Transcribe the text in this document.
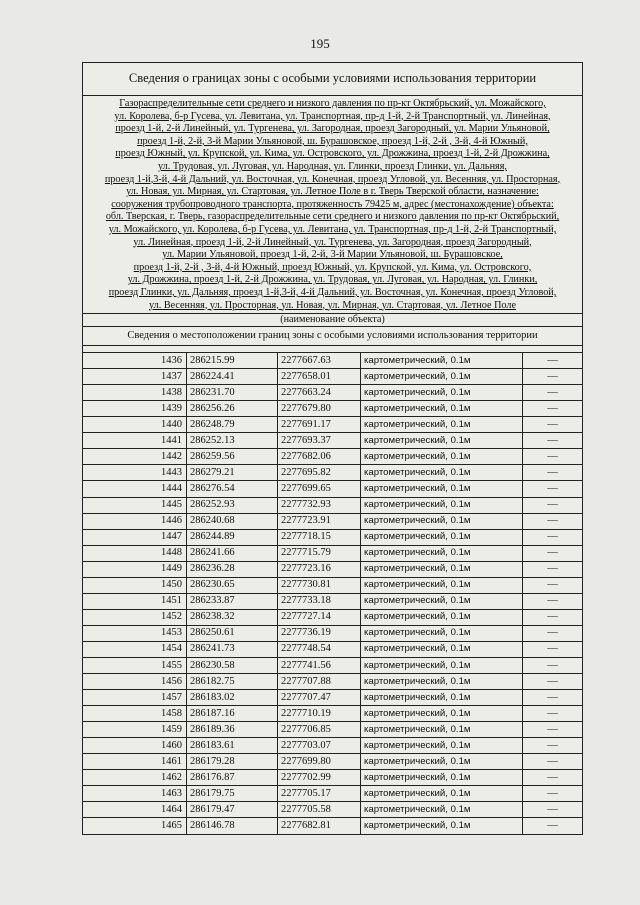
195
Сведения о границах зоны с особыми условиями использования территории
Газораспределительные сети среднего и низкого давления по пр-кт Октябрьский, ул. Можайского,
ул. Королева, б-р Гусева, ул. Левитана, ул. Транспортная, пр-д 1-й, 2-й Транспортный, ул. Линейная,
проезд 1-й, 2-й Линейный, ул. Тургенева, ул. Загородная, проезд Загородный, ул. Марии Ульяновой,
проезд 1-й, 2-й, 3-й Марии Ульяновой, ш. Бурашовское, проезд 1-й, 2-й , 3-й, 4-й Южный,
проезд Южный, ул. Крупской, ул. Кима, ул. Островского, ул. Дрожжина, проезд 1-й, 2-й Дрожжина,
ул. Трудовая, ул. Луговая, ул. Народная, ул. Глинки, проезд Глинки, ул. Дальняя,
проезд 1-й,3-й, 4-й Дальний, ул. Восточная, ул. Конечная, проезд Угловой, ул. Весенняя, ул. Просторная,
ул. Новая, ул. Мирная, ул. Стартовая, ул. Летное Поле в г. Тверь Тверской области, назначение:
сооружения трубопроводного транспорта, протяженность 79425 м, адрес (местонахождение) объекта:
обл. Тверская, г. Тверь, газораспределительные сети среднего и низкого давления по пр-кт Октябрьский,
ул. Можайского, ул. Королева, б-р Гусева, ул. Левитана, ул. Транспортная, пр-д 1-й, 2-й Транспортный,
ул. Линейная, проезд 1-й, 2-й Линейный, ул. Тургенева, ул. Загородная, проезд Загородный,
ул. Марии Ульяновой, проезд 1-й, 2-й, 3-й Марии Ульяновой, ш. Бурашовское,
проезд 1-й, 2-й , 3-й, 4-й Южный, проезд Южный, ул. Крупской, ул. Кима, ул. Островского,
ул. Дрожжина, проезд 1-й, 2-й Дрожжина, ул. Трудовая, ул. Луговая, ул. Народная, ул. Глинки,
проезд Глинки, ул. Дальняя, проезд 1-й,3-й, 4-й Дальний, ул. Восточная, ул. Конечная, проезд Угловой,
ул. Весенняя, ул. Просторная, ул. Новая, ул. Мирная, ул. Стартовая, ул. Летное Поле
(наименование объекта)
Сведения о местоположении границ зоны с особыми условиями использования территории
1436	286215.99	2277667.63	картометрический, 0.1м	—
1437	286224.41	2277658.01	картометрический, 0.1м	—
1438	286231.70	2277663.24	картометрический, 0.1м	—
1439	286256.26	2277679.80	картометрический, 0.1м	—
1440	286248.79	2277691.17	картометрический, 0.1м	—
1441	286252.13	2277693.37	картометрический, 0.1м	—
1442	286259.56	2277682.06	картометрический, 0.1м	—
1443	286279.21	2277695.82	картометрический, 0.1м	—
1444	286276.54	2277699.65	картометрический, 0.1м	—
1445	286252.93	2277732.93	картометрический, 0.1м	—
1446	286240.68	2277723.91	картометрический, 0.1м	—
1447	286244.89	2277718.15	картометрический, 0.1м	—
1448	286241.66	2277715.79	картометрический, 0.1м	—
1449	286236.28	2277723.16	картометрический, 0.1м	—
1450	286230.65	2277730.81	картометрический, 0.1м	—
1451	286233.87	2277733.18	картометрический, 0.1м	—
1452	286238.32	2277727.14	картометрический, 0.1м	—
1453	286250.61	2277736.19	картометрический, 0.1м	—
1454	286241.73	2277748.54	картометрический, 0.1м	—
1455	286230.58	2277741.56	картометрический, 0.1м	—
1456	286182.75	2277707.88	картометрический, 0.1м	—
1457	286183.02	2277707.47	картометрический, 0.1м	—
1458	286187.16	2277710.19	картометрический, 0.1м	—
1459	286189.36	2277706.85	картометрический, 0.1м	—
1460	286183.61	2277703.07	картометрический, 0.1м	—
1461	286179.28	2277699.80	картометрический, 0.1м	—
1462	286176.87	2277702.99	картометрический, 0.1м	—
1463	286179.75	2277705.17	картометрический, 0.1м	—
1464	286179.47	2277705.58	картометрический, 0.1м	—
1465	286146.78	2277682.81	картометрический, 0.1м	—
